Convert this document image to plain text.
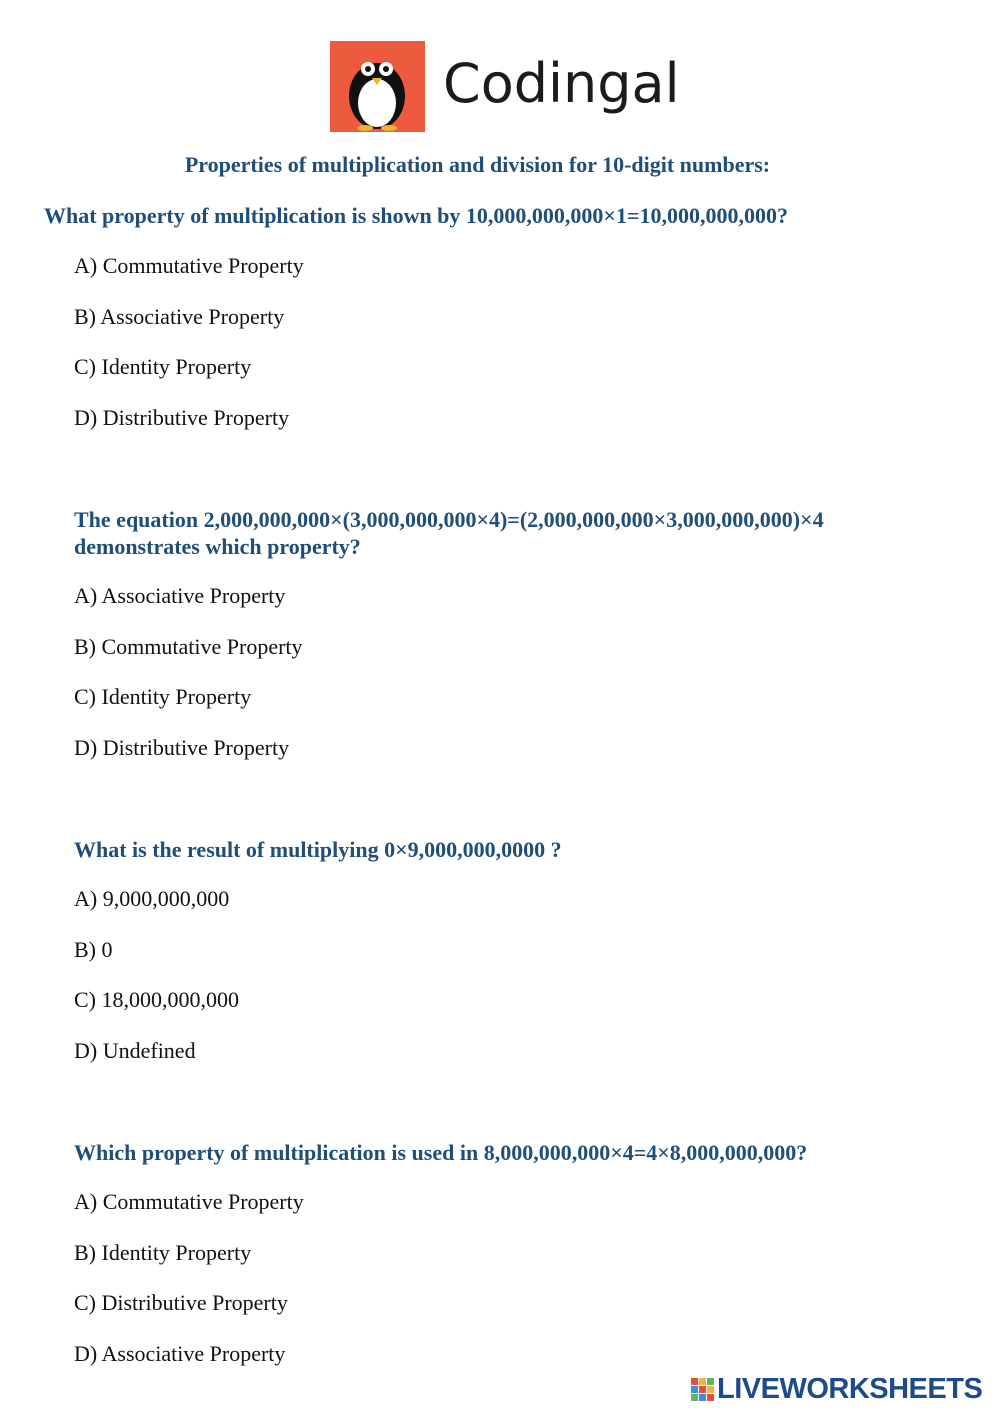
Codingal
Properties of multiplication and division for 10-digit numbers:
What property of multiplication is shown by 10,000,000,000×1=10,000,000,000?
A) Commutative Property
B) Associative Property
C) Identity Property
D) Distributive Property
The equation 2,000,000,000×(3,000,000,000×4)=(2,000,000,000×3,000,000,000)×4
demonstrates which property?
A) Associative Property
B) Commutative Property
C) Identity Property
D) Distributive Property
What is the result of multiplying 0×9,000,000,0000 ?
A) 9,000,000,000
B) 0
C) 18,000,000,000
D) Undefined
Which property of multiplication is used in 8,000,000,000×4=4×8,000,000,000?
A) Commutative Property
B) Identity Property
C) Distributive Property
D) Associative Property
LIVEWORKSHEETS
